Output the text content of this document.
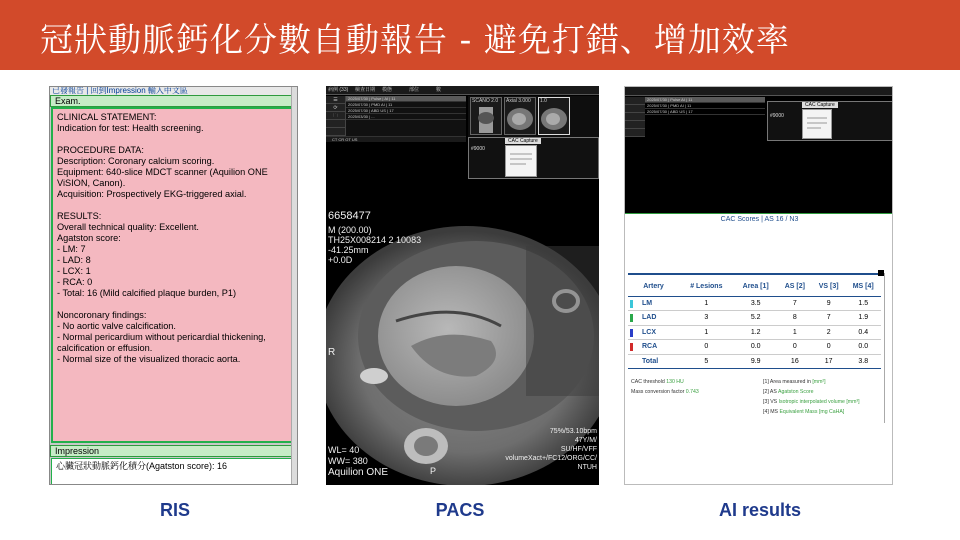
冠狀動脈鈣化分數自動報告 - 避免打錯、增加效率
已發報告 | 回到Impression 輸入中文區
Exam.
CLINICAL STATEMENT:
Indication for test: Health screening.
PROCEDURE DATA:
Description: Coronary calcium scoring.
Equipment: 640-slice MDCT scanner (Aquilion ONE
ViSION, Canon).
Acquisition: Prospectively EKG-triggered axial.
RESULTS:
Overall technical quality: Excellent.
Agatston score:
- LM: 7
- LAD: 8
- LCX: 1
- RCA: 0
- Total: 16 (Mild calcified plaque burden, P1)
Noncoronary findings:
- No aortic valve calcification.
- Normal pericardium without pericardial thickening,
calcification or effusion.
- Normal size of the visualized thoracic aorta.
Impression
心臟冠狀動脈鈣化積分(Agatston score): 16
病例 (33) 檢查日期 模態	部位	數
2025/07/30 | Pulse | AI | 11
2025/07/30 | PMD AI | 11
2025/07/30 | ABD US | 17
2025/03/30 | ...
☰
⟳
🗀
CT CR OT US
SCANO 2.0	Axial 3.000	1.0
CAC Capture
#9000
6658477
M (200.00)
TH25X008214 2 10083
-41.25mm
+0.0D
R
75%/53.10bpm
47Y/M/
SU/HF/VFF
volumeXact+/FC12/ORG/CC/
NTUH
WL= 40
WW= 380
Aquilion ONE	P
2025/07/30 | Pulse AI | 11
2025/07/30 | PMD AI | 11
2025/07/30 | ABD US | 17
CAC Capture
#9000
CAC Scores | AS 16 / N3
Artery	# Lesions	Area [1]	AS [2]	VS [3]	MS [4]

LM	1	3.5	7	9	1.5

LAD	3	5.2	8	7	1.9

LCX	1	1.2	1	2	0.4

RCA	0	0.0	0	0	0.0
Total	5	9.9	16	17	3.8
CAC threshold 130 HU
Mass conversion factor 0.743
[1] Area measured in [mm²]
[2] AS Agatston Score
[3] VS Isotropic interpolated volume [mm³]
[4] MS Equivalent Mass [mg CaHA]
RIS	PACS	AI results
